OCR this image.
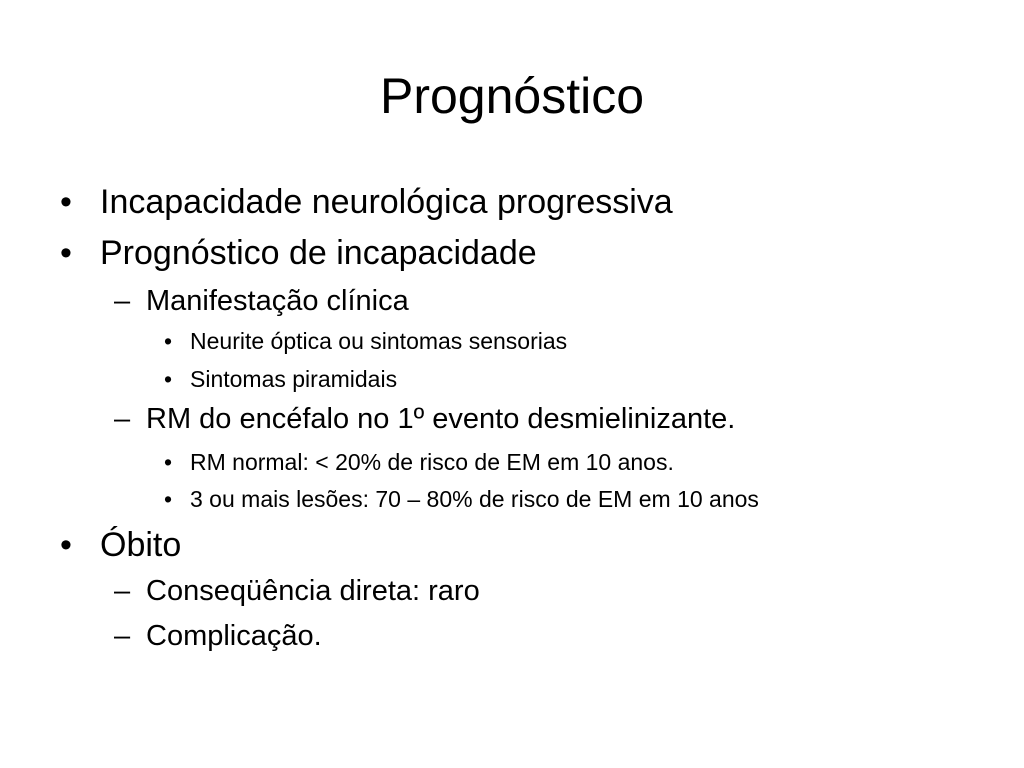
Prognóstico
• Incapacidade neurológica progressiva
• Prognóstico de incapacidade
– Manifestação clínica
• Neurite óptica ou sintomas sensorias
• Sintomas piramidais
– RM do encéfalo no 1º evento desmielinizante.
• RM normal: < 20% de risco de EM em 10 anos.
• 3 ou mais lesões: 70 – 80% de risco de EM em 10 anos
• Óbito
– Conseqüência direta: raro
– Complicação.
